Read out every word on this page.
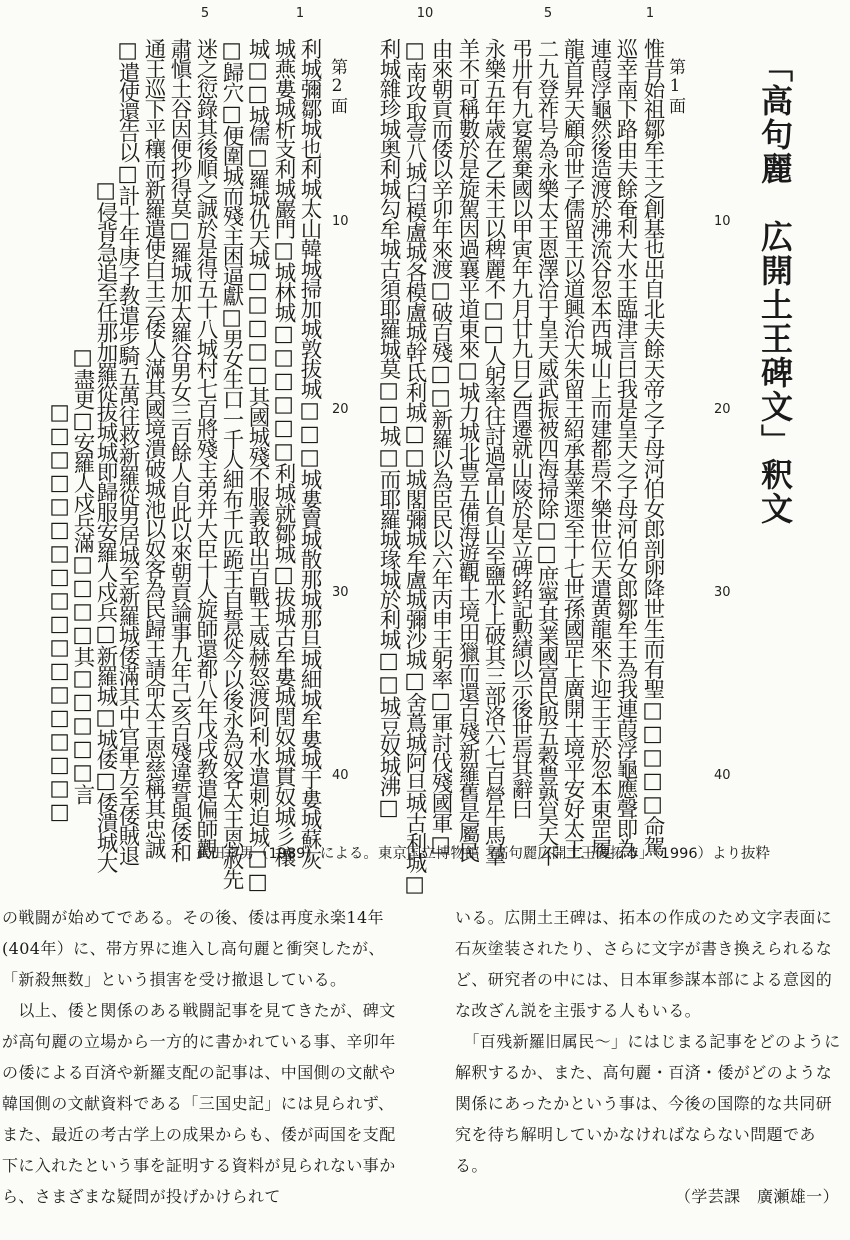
5	1	10	5	1
10
20
30
40
10
20
30
40
「高句麗　広開土王碑文」釈文
第1面
第2面	惟昔始祖鄒牟王之創基也出自北夫餘天帝之子母河伯女郎剖卵降世生而有聖□□□□□命駕
巡幸南下路由夫餘奄利大水王臨津言曰我是皇天之子母河伯女郎鄒牟王為我連葭浮龜應聲即為
連葭浮龜然後造渡於沸流谷忽本西城山上而建都焉不樂世位天遣黄龍來下迎王王於忽本東罡履
龍首昇天顧命世子儒留王以道興治大朱留王紹承基業遝至十七世孫國罡上廣開土境平安好太王
二九登祚号為永樂太王恩澤洽于皇天威武振被四海掃除□□庶寧其業國富民殷五穀豊熟昊天不
弔卅有九宴駕棄國以甲寅年九月廿九日乙酉遷就山陵於是立碑銘記勲績以示後世焉其辭曰
永樂五年歳在乙未王以稗麗不□□人躬率往討過富山負山至鹽水上破其三部洛六七百營牛馬羣
羊不可稱數於是旋駕因過襄平道東來□城力城北豊五備海遊觀土境田獵而還百殘新羅舊是屬民
由來朝貢而倭以辛卯年來渡□破百殘□□新羅以為臣民以六年丙申王躬率□軍討伐殘國軍□
□南攻取壹八城臼模盧城各模盧城幹氐利城□□城閣彌城牟盧城彌沙城□舍蔦城阿旦城古利城□
利城雜珍城奥利城勾牟城古須耶羅城莫□□城□而耶羅城瑑城於利城□□城豆奴城沸□
利城彌鄒城也利城太山韓城掃加城敦拔城□□□城婁賣城散那城那旦城細城牟婁城于婁城蘇灰
城燕婁城析支利城巖門□城林城□□□□□□利城就鄒城□拔城古牟婁城閏奴城貫奴城彡穰
城□□城儒□羅城仇天城□□□□□其國城殘不服義敢出百戰王威赫怒渡阿利水遣刺迫城□□
□歸穴□便圍城而殘主困逼獻□男女生口一千人細布千匹跪王自誓從今以後永為奴客太王恩赦先
迷之愆錄其後順之誠於是得五十八城村七百將殘主弟并大臣十人旋師還都八年戊戌教遣偏師觀
肅愼土谷因便抄得莫□羅城加太羅谷男女三百餘人自此以來朝貢論事九年己亥百殘違誓與倭和
通王巡下平穰而新羅遣使白王云倭人滿其國境潰破城池以奴客為民歸王請命太王恩慈稱其忠誠
□遣使還告以□計十年庚子教遣步騎五萬往救新羅從男居城至新羅城倭滿其中官軍方至倭賊退
□侵背急追至任那加羅從拔城城即歸服安羅人戍兵□新羅城□城倭□倭潰城大
□盡更□安羅人戍兵滿□□□□其□□□□□言
□□□□□□□□□□□□□□□□□□
武田幸男（1989）による。東京国立博物館「高句麗広開土王碑拓本」（1996）より抜粋

の戦闘が始めてである。その後、倭は再度永楽14年(404年）に、帯方界に進入し高句麗と衝突したが、「新殺無数」という損害を受け撤退している。

　以上、倭と関係のある戦闘記事を見てきたが、碑文が高句麗の立場から一方的に書かれている事、辛卯年の倭による百済や新羅支配の記事は、中国側の文献や韓国側の文献資料である「三国史記」には見られず、また、最近の考古学上の成果からも、倭が両国を支配下に入れたという事を証明する資料が見られない事から、さまざまな疑問が投げかけられて

いる。広開土王碑は、拓本の作成のため文字表面に石灰塗装されたり、さらに文字が書き換えられるなど、研究者の中には、日本軍参謀本部による意図的な改ざん説を主張する人もいる。

　「百残新羅旧属民～」にはじまる記事をどのように解釈するか、また、高句麗・百済・倭がどのような関係にあったかという事は、今後の国際的な共同研究を待ち解明していかなければならない問題である。

（学芸課　廣瀬雄一）
